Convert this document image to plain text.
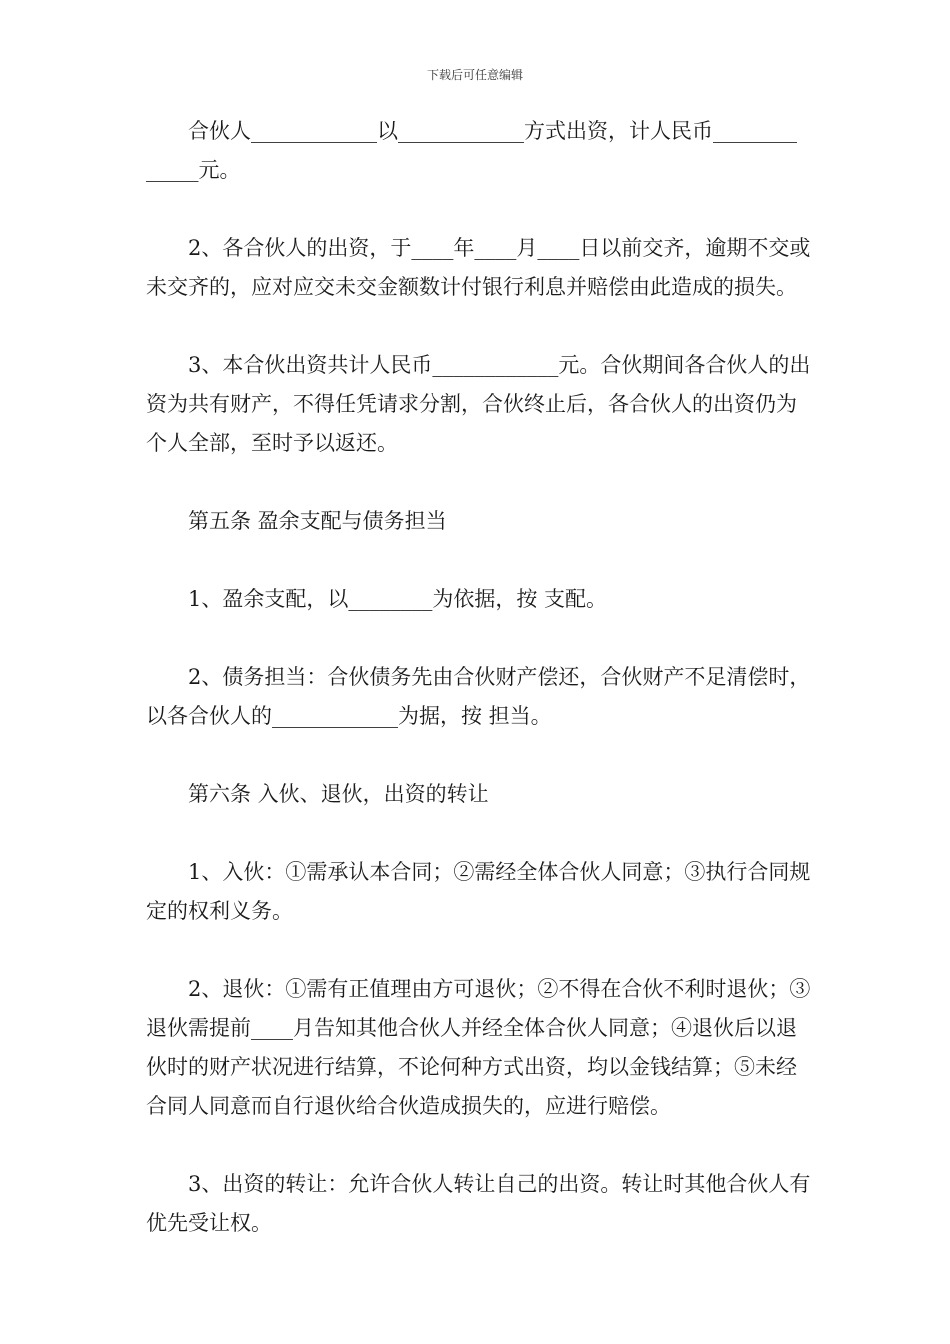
下载后可任意编辑

合伙人____________以____________方式出资，计人民币________ _____元。

2、各合伙人的出资，于____年____月____日以前交齐，逾期不交或未交齐的，应对应交未交金额数计付银行利息并赔偿由此造成的损失。

3、本合伙出资共计人民币____________元。合伙期间各合伙人的出资为共有财产，不得任凭请求分割，合伙终止后，各合伙人的出资仍为个人全部，至时予以返还。

第五条 盈余支配与债务担当

1、盈余支配，以________为依据，按 支配。

2、债务担当：合伙债务先由合伙财产偿还，合伙财产不足清偿时，以各合伙人的____________为据，按 担当。

第六条 入伙、退伙，出资的转让

1、入伙：①需承认本合同；②需经全体合伙人同意；③执行合同规定的权利义务。

2、退伙：①需有正值理由方可退伙；②不得在合伙不利时退伙；③退伙需提前____月告知其他合伙人并经全体合伙人同意；④退伙后以退伙时的财产状况进行结算，不论何种方式出资，均以金钱结算；⑤未经合同人同意而自行退伙给合伙造成损失的，应进行赔偿。

3、出资的转让：允许合伙人转让自己的出资。转让时其他合伙人有优先受让权。
